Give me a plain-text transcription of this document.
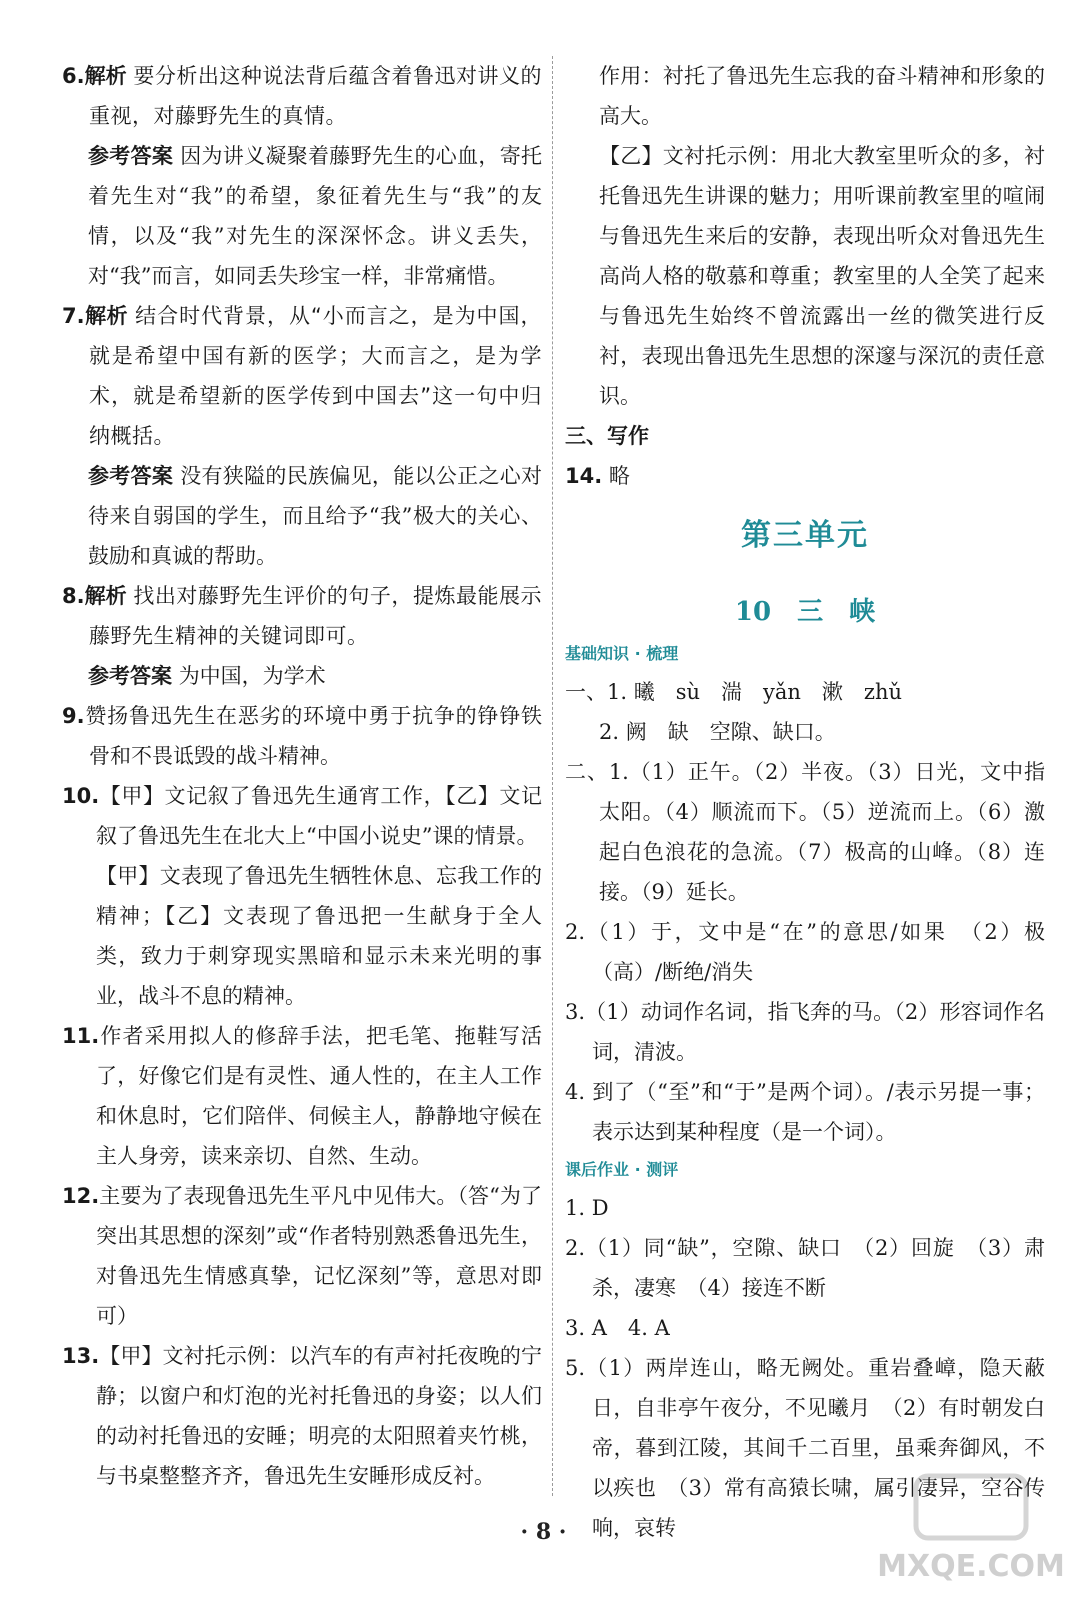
6.解析 要分析出这种说法背后蕴含着鲁迅对讲义的重视，对藤野先生的真情。

参考答案 因为讲义凝聚着藤野先生的心血，寄托着先生对“我”的希望，象征着先生与“我”的友情，以及“我”对先生的深深怀念。讲义丢失，对“我”而言，如同丢失珍宝一样，非常痛惜。

7.解析 结合时代背景，从“小而言之，是为中国，就是希望中国有新的医学；大而言之，是为学术，就是希望新的医学传到中国去”这一句中归纳概括。

参考答案 没有狭隘的民族偏见，能以公正之心对待来自弱国的学生，而且给予“我”极大的关心、鼓励和真诚的帮助。

8.解析 找出对藤野先生评价的句子，提炼最能展示藤野先生精神的关键词即可。

参考答案 为中国，为学术

9.赞扬鲁迅先生在恶劣的环境中勇于抗争的铮铮铁骨和不畏诋毁的战斗精神。

10.【甲】文记叙了鲁迅先生通宵工作，【乙】文记叙了鲁迅先生在北大上“中国小说史”课的情景。

【甲】文表现了鲁迅先生牺牲休息、忘我工作的精神；【乙】文表现了鲁迅把一生献身于全人类，致力于刺穿现实黑暗和显示未来光明的事业，战斗不息的精神。

11.作者采用拟人的修辞手法，把毛笔、拖鞋写活了，好像它们是有灵性、通人性的，在主人工作和休息时，它们陪伴、伺候主人，静静地守候在主人身旁，读来亲切、自然、生动。

12.主要为了表现鲁迅先生平凡中见伟大。（答“为了突出其思想的深刻”或“作者特别熟悉鲁迅先生，对鲁迅先生情感真挚，记忆深刻”等，意思对即可）

13.【甲】文衬托示例：以汽车的有声衬托夜晚的宁静；以窗户和灯泡的光衬托鲁迅的身姿；以人们的动衬托鲁迅的安睡；明亮的太阳照着夹竹桃，与书桌整整齐齐，鲁迅先生安睡形成反衬。

作用：衬托了鲁迅先生忘我的奋斗精神和形象的高大。

【乙】文衬托示例：用北大教室里听众的多，衬托鲁迅先生讲课的魅力；用听课前教室里的喧闹与鲁迅先生来后的安静，表现出听众对鲁迅先生高尚人格的敬慕和尊重；教室里的人全笑了起来与鲁迅先生始终不曾流露出一丝的微笑进行反衬，表现出鲁迅先生思想的深邃与深沉的责任意识。

三、写作

14. 略

第三单元
10　三　峡
基础知识 · 梳理

一、1. 曦　sù　湍　yǎn　漱　zhǔ

2. 阙　缺　空隙、缺口。

二、1.（1）正午。（2）半夜。（3）日光，文中指太阳。（4）顺流而下。（5）逆流而上。（6）激起白色浪花的急流。（7）极高的山峰。（8）连接。（9）延长。

2.（1）于，文中是“在”的意思/如果　（2）极（高）/断绝/消失

3.（1）动词作名词，指飞奔的马。（2）形容词作名词，清波。

4. 到了（“至”和“于”是两个词）。/表示另提一事；表示达到某种程度（是一个词）。

课后作业 · 测评

1. D

2.（1）同“缺”，空隙、缺口　（2）回旋　（3）肃杀，凄寒　（4）接连不断

3. A　4. A

5.（1）两岸连山，略无阙处。重岩叠嶂，隐天蔽日，自非亭午夜分，不见曦月　（2）有时朝发白帝，暮到江陵，其间千二百里，虽乘奔御风，不以疾也　（3）常有高猿长啸，属引凄异，空谷传响，哀转

· 8 ·
MXQE.COM
